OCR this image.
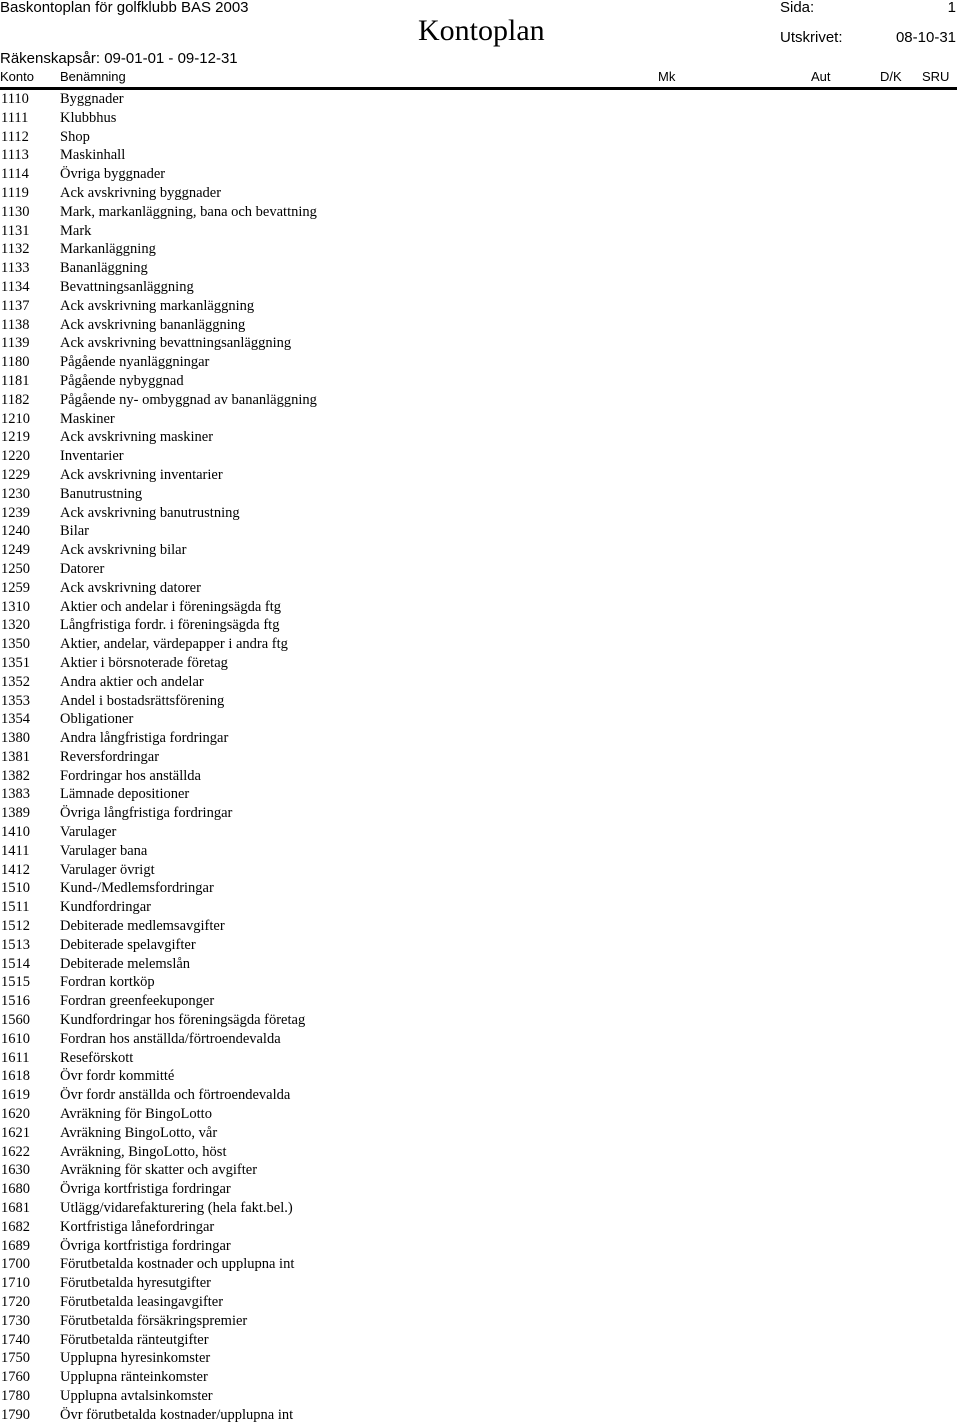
Baskontoplan för golfklubb BAS 2003	Sida:	1
Kontoplan	Utskrivet:	08-10-31
Räkenskapsår: 09-01-01 - 09-12-31
Konto Benämning	Mk	Aut	D/K SRU
1110 Byggnader
1111 Klubbhus
1112 Shop
1113 Maskinhall
1114 Övriga byggnader
1119 Ack avskrivning byggnader
1130 Mark, markanläggning, bana och bevattning
1131 Mark
1132 Markanläggning
1133 Bananläggning
1134 Bevattningsanläggning
1137 Ack avskrivning markanläggning
1138 Ack avskrivning bananläggning
1139 Ack avskrivning bevattningsanläggning
1180 Pågående nyanläggningar
1181 Pågående nybyggnad
1182 Pågående ny- ombyggnad av bananläggning
1210 Maskiner
1219 Ack avskrivning maskiner
1220 Inventarier
1229 Ack avskrivning inventarier
1230 Banutrustning
1239 Ack avskrivning banutrustning
1240 Bilar
1249 Ack avskrivning bilar
1250 Datorer
1259 Ack avskrivning datorer
1310 Aktier och andelar i föreningsägda ftg
1320 Långfristiga fordr. i föreningsägda ftg
1350 Aktier, andelar, värdepapper i andra ftg
1351 Aktier i börsnoterade företag
1352 Andra aktier och andelar
1353 Andel i bostadsrättsförening
1354 Obligationer
1380 Andra långfristiga fordringar
1381 Reversfordringar
1382 Fordringar hos anställda
1383 Lämnade depositioner
1389 Övriga långfristiga fordringar
1410 Varulager
1411 Varulager bana
1412 Varulager övrigt
1510 Kund-/Medlemsfordringar
1511 Kundfordringar
1512 Debiterade medlemsavgifter
1513 Debiterade spelavgifter
1514 Debiterade melemslån
1515 Fordran kortköp
1516 Fordran greenfeekuponger
1560 Kundfordringar hos föreningsägda företag
1610 Fordran hos anställda/förtroendevalda
1611 Reseförskott
1618 Övr fordr kommitté
1619 Övr fordr anställda och förtroendevalda
1620 Avräkning för BingoLotto
1621 Avräkning BingoLotto, vår
1622 Avräkning, BingoLotto, höst
1630 Avräkning för skatter och avgifter
1680 Övriga kortfristiga fordringar
1681 Utlägg/vidarefakturering (hela fakt.bel.)
1682 Kortfristiga lånefordringar
1689 Övriga kortfristiga fordringar
1700 Förutbetalda kostnader och upplupna int
1710 Förutbetalda hyresutgifter
1720 Förutbetalda leasingavgifter
1730 Förutbetalda försäkringspremier
1740 Förutbetalda ränteutgifter
1750 Upplupna hyresinkomster
1760 Upplupna ränteinkomster
1780 Upplupna avtalsinkomster
1790 Övr förutbetalda kostnader/upplupna int
